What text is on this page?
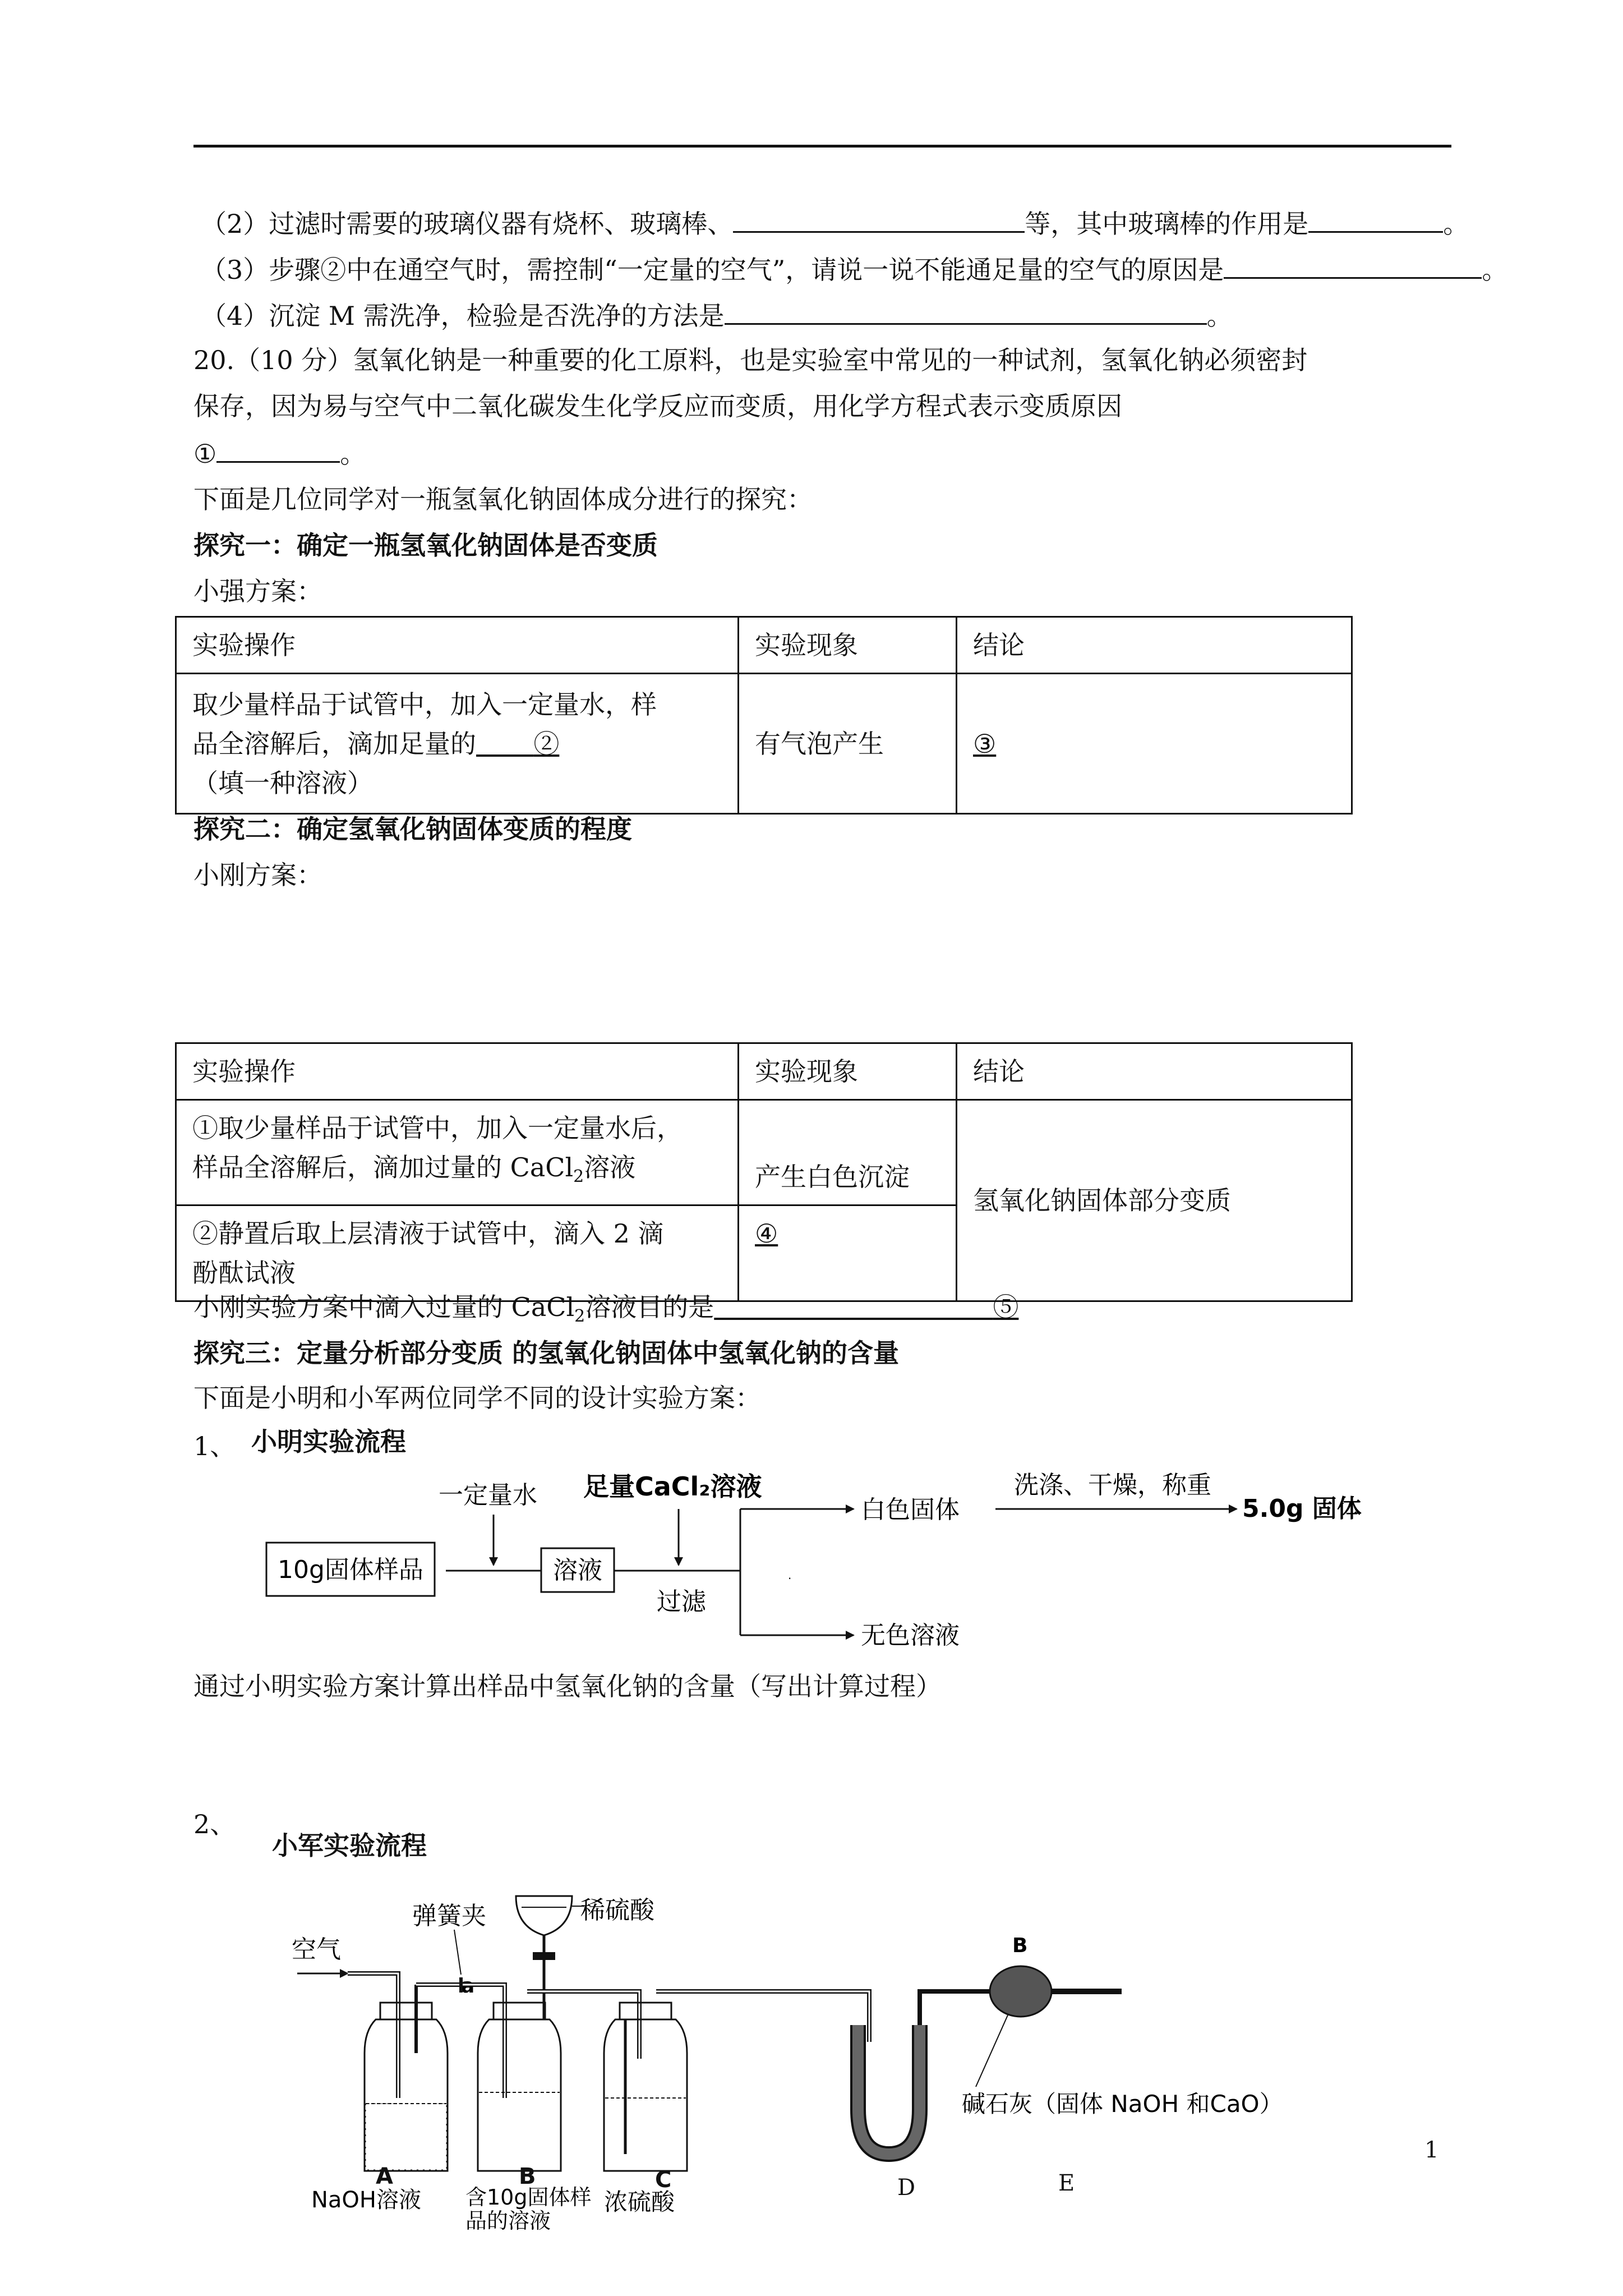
（2）过滤时需要的玻璃仪器有烧杯、玻璃棒、	等，其中玻璃棒的作用是	。
（3）步骤②中在通空气时，需控制“一定量的空气”，请说一说不能通足量的空气的原因是	。
（4）沉淀 M 需洗净，检验是否洗净的方法是	。
20.（10 分）氢氧化钠是一种重要的化工原料，也是实验室中常见的一种试剂，氢氧化钠必须密封
保存，因为易与空气中二氧化碳发生化学反应而变质，用化学方程式表示变质原因
①	。
下面是几位同学对一瓶氢氧化钠固体成分进行的探究：
探究一：确定一瓶氢氧化钠固体是否变质
小强方案：
实验操作	实验现象	结论

取少量样品于试管中，加入一定量水，样
品全溶解后，滴加足量的 ②
（填一种溶液）	有气泡产生	③
探究二：确定氢氧化钠固体变质的程度
小刚方案：
实验操作	实验现象	结论

①取少量样品于试管中，加入一定量水后，
样品全溶解后，滴加过量的 CaCl$_2$溶液	产生白色沉淀	氢氧化钠固体部分变质

②静置后取上层清液于试管中，滴入 2 滴
酚酞试液	④	
小刚实验方案中滴入过量的 CaCl$_2$溶液目的是	⑤
探究三：定量分析部分变质 的氢氧化钠固体中氢氧化钠的含量
下面是小明和小军两位同学不同的设计实验方案：
1、 小明实验流程
10g固体样品
一定量水
溶液
足量CaCl₂溶液
过滤
白色固体
无色溶液
洗涤、干燥，称重
5.0g 固体
.
通过小明实验方案计算出样品中氢氧化钠的含量（写出计算过程）
2、
小军实验流程
空气
弹簧夹	稀硫酸
a
B
碱石灰（固体 NaOH 和CaO）
NaOH溶液 含10g固体样
品的溶液
浓硫酸
A	B	C	D	E
1
